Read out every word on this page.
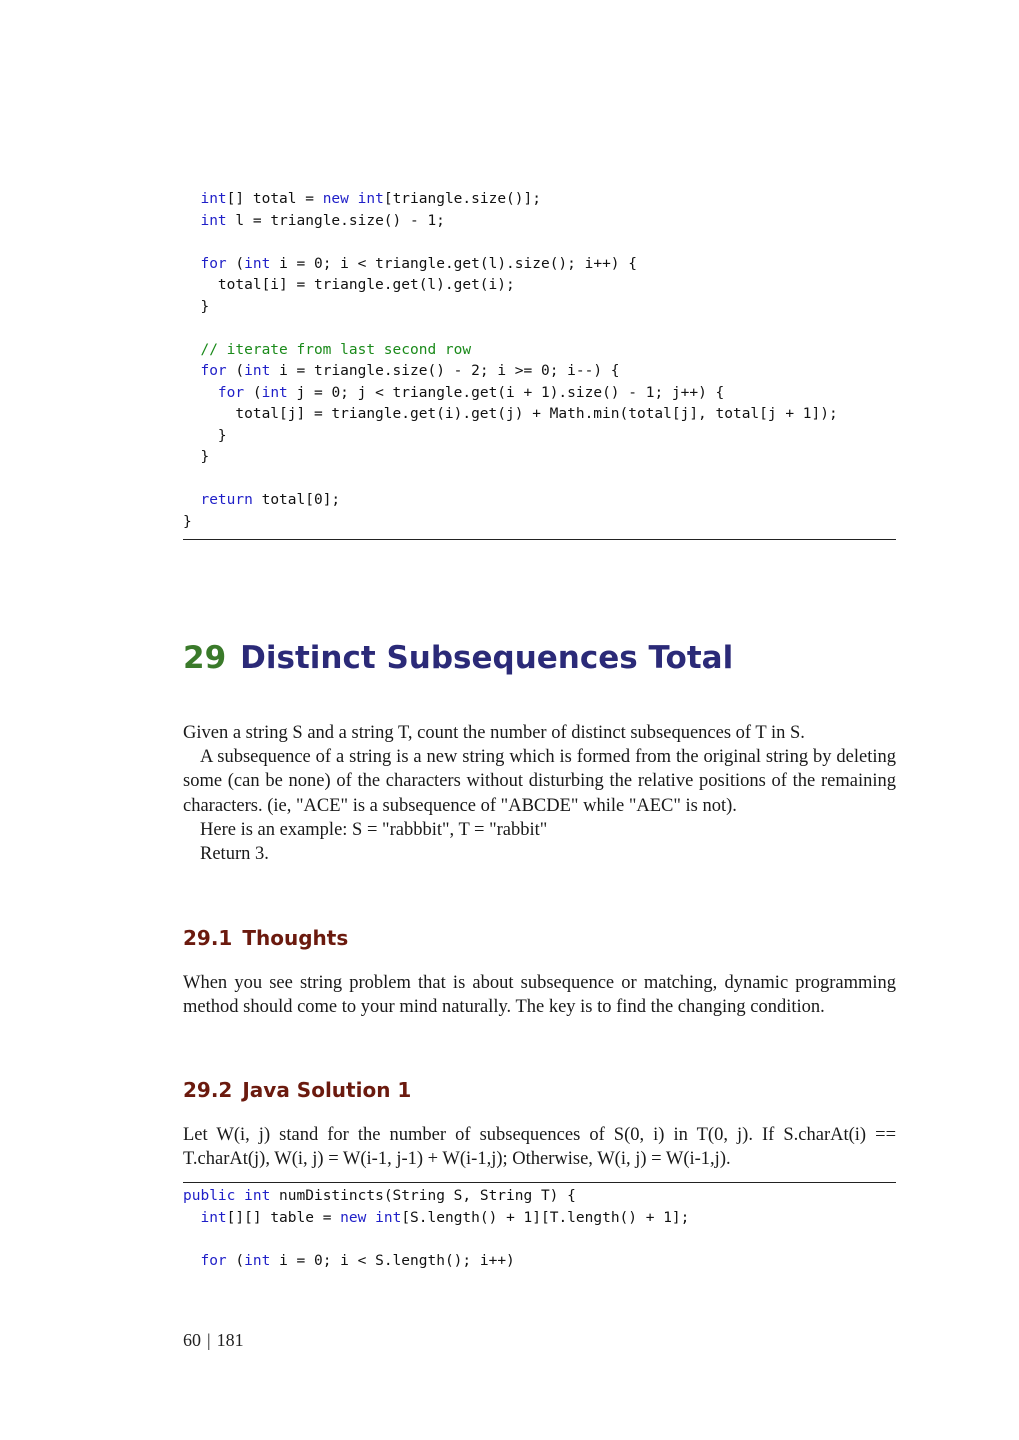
int[] total = new int[triangle.size()];
int l = triangle.size() - 1;

for (int i = 0; i < triangle.get(l).size(); i++) {
total[i] = triangle.get(l).get(i);
}

// iterate from last second row
for (int i = triangle.size() - 2; i >= 0; i--) {
for (int j = 0; j < triangle.get(i + 1).size() - 1; j++) {
total[j] = triangle.get(i).get(j) + Math.min(total[j], total[j + 1]);
}
}

return total[0];
}
29 Distinct Subsequences Total

Given a string S and a string T, count the number of distinct subsequences of T in S.

A subsequence of a string is a new string which is formed from the original string by deleting some (can be none) of the characters without disturbing the relative positions of the remaining characters. (ie, "ACE" is a subsequence of "ABCDE" while "AEC" is not).

Here is an example: S = "rabbbit", T = "rabbit"

Return 3.

29.1 Thoughts

When you see string problem that is about subsequence or matching, dynamic programming method should come to your mind naturally. The key is to find the changing condition.

29.2 Java Solution 1

Let W(i, j) stand for the number of subsequences of S(0, i) in T(0, j). If S.charAt(i) == T.charAt(j), W(i, j) = W(i-1, j-1) + W(i-1,j); Otherwise, W(i, j) = W(i-1,j).

public int numDistincts(String S, String T) {
int[][] table = new int[S.length() + 1][T.length() + 1];

for (int i = 0; i < S.length(); i++)
60 | 181
